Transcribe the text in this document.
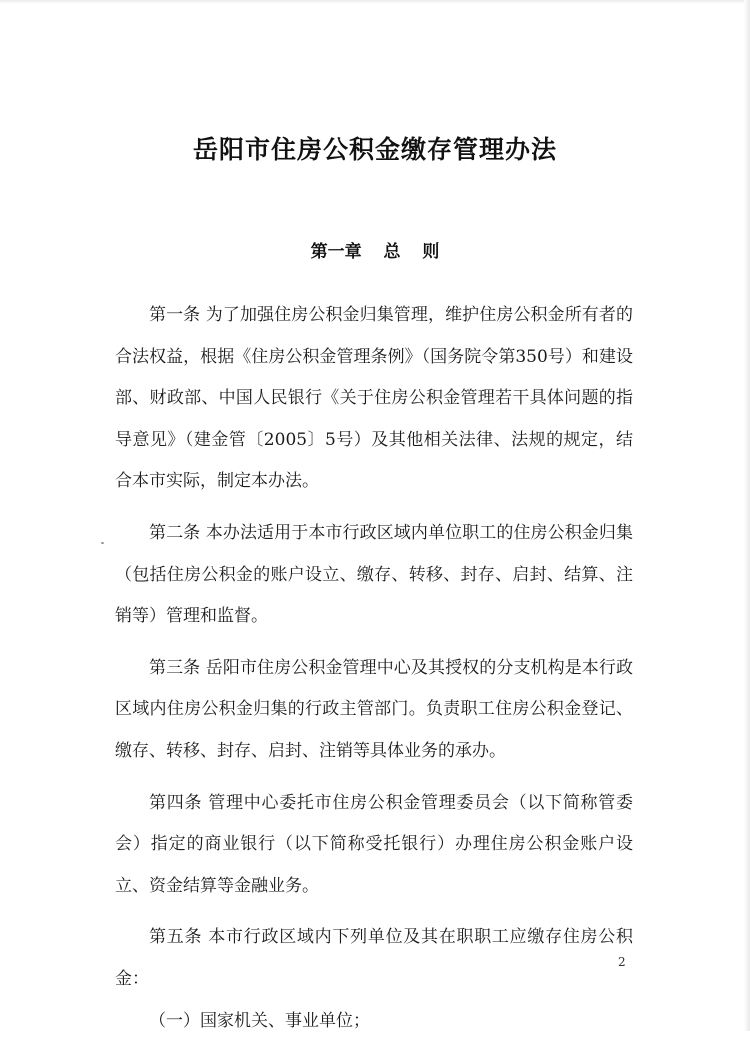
岳阳市住房公积金缴存管理办法
第一章 总 则

第一条 为了加强住房公积金归集管理，维护住房公积金所有者的合法权益，根据《住房公积金管理条例》（国务院令第350号）和建设部、财政部、中国人民银行《关于住房公积金管理若干具体问题的指导意见》（建金管〔2005〕5号）及其他相关法律、法规的规定，结合本市实际，制定本办法。

第二条 本办法适用于本市行政区域内单位职工的住房公积金归集（包括住房公积金的账户设立、缴存、转移、封存、启封、结算、注销等）管理和监督。

第三条 岳阳市住房公积金管理中心及其授权的分支机构是本行政区域内住房公积金归集的行政主管部门。负责职工住房公积金登记、缴存、转移、封存、启封、注销等具体业务的承办。

第四条 管理中心委托市住房公积金管理委员会（以下简称管委会）指定的商业银行（以下简称受托银行）办理住房公积金账户设立、资金结算等金融业务。

第五条 本市行政区域内下列单位及其在职职工应缴存住房公积金：

（一）国家机关、事业单位；

2
